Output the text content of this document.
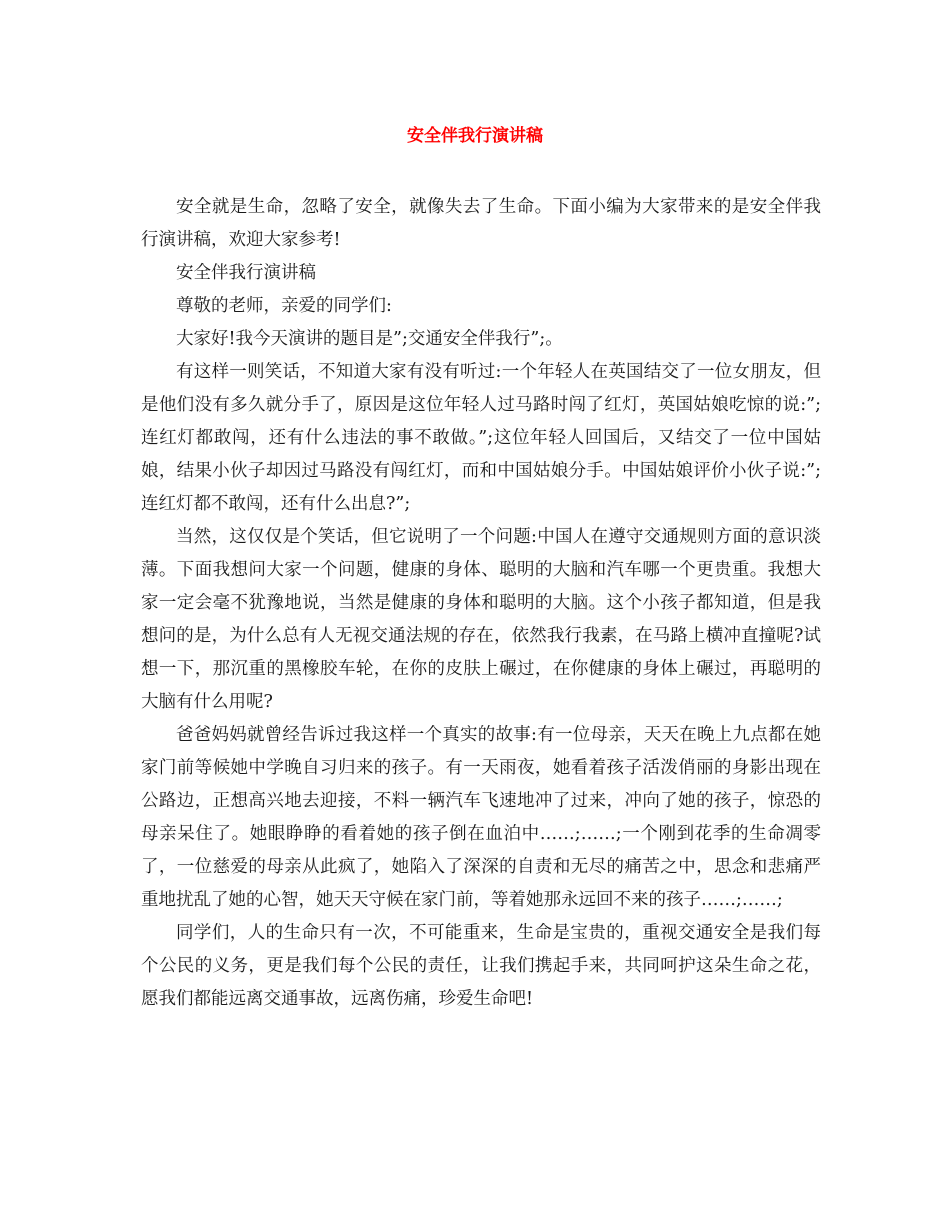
安全伴我行演讲稿

安全就是生命，忽略了安全，就像失去了生命。下面小编为大家带来的是安全伴我行演讲稿，欢迎大家参考!

安全伴我行演讲稿

尊敬的老师，亲爱的同学们:

大家好!我今天演讲的题目是”;交通安全伴我行”;。

有这样一则笑话，不知道大家有没有听过:一个年轻人在英国结交了一位女朋友，但是他们没有多久就分手了，原因是这位年轻人过马路时闯了红灯，英国姑娘吃惊的说:”;连红灯都敢闯，还有什么违法的事不敢做。”;这位年轻人回国后，又结交了一位中国姑娘，结果小伙子却因过马路没有闯红灯，而和中国姑娘分手。中国姑娘评价小伙子说:”;连红灯都不敢闯，还有什么出息?”;

当然，这仅仅是个笑话，但它说明了一个问题:中国人在遵守交通规则方面的意识淡薄。下面我想问大家一个问题，健康的身体、聪明的大脑和汽车哪一个更贵重。我想大家一定会毫不犹豫地说，当然是健康的身体和聪明的大脑。这个小孩子都知道，但是我想问的是，为什么总有人无视交通法规的存在，依然我行我素，在马路上横冲直撞呢?试想一下，那沉重的黑橡胶车轮，在你的皮肤上碾过，在你健康的身体上碾过，再聪明的大脑有什么用呢?

爸爸妈妈就曾经告诉过我这样一个真实的故事:有一位母亲，天天在晚上九点都在她家门前等候她中学晚自习归来的孩子。有一天雨夜，她看着孩子活泼俏丽的身影出现在公路边，正想高兴地去迎接，不料一辆汽车飞速地冲了过来，冲向了她的孩子，惊恐的母亲呆住了。她眼睁睁的看着她的孩子倒在血泊中……;……;一个刚到花季的生命凋零了，一位慈爱的母亲从此疯了，她陷入了深深的自责和无尽的痛苦之中，思念和悲痛严重地扰乱了她的心智，她天天守候在家门前，等着她那永远回不来的孩子……;……;

同学们，人的生命只有一次，不可能重来，生命是宝贵的，重视交通安全是我们每个公民的义务，更是我们每个公民的责任，让我们携起手来，共同呵护这朵生命之花，愿我们都能远离交通事故，远离伤痛，珍爱生命吧!
